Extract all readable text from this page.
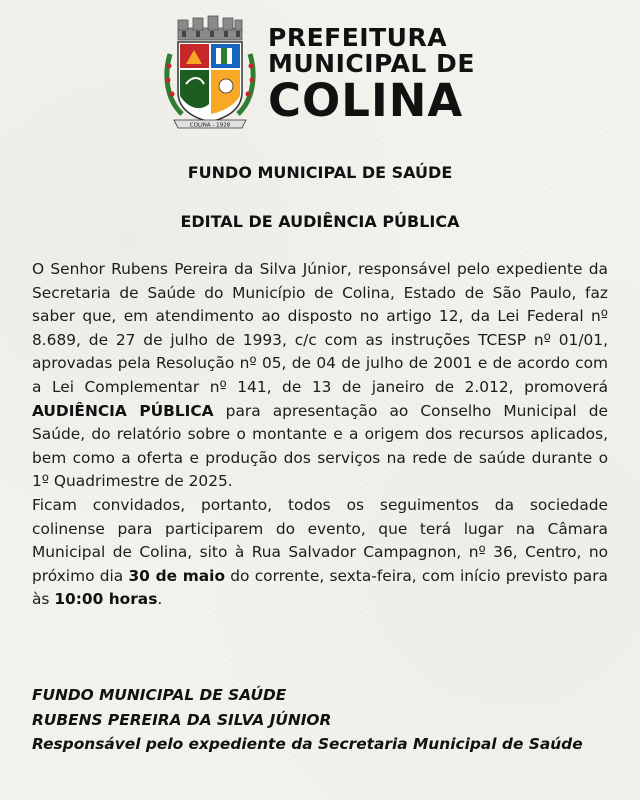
COLINA - 1928
PREFEITURA
MUNICIPAL DE
COLINA
FUNDO MUNICIPAL DE SAÚDE
EDITAL DE AUDIÊNCIA PÚBLICA

O Senhor Rubens Pereira da Silva Júnior, responsável pelo expediente da Secretaria de Saúde do Município de Colina, Estado de São Paulo, faz saber que, em atendimento ao disposto no artigo 12, da Lei Federal nº 8.689, de 27 de julho de 1993, c/c com as instruções TCESP nº 01/01, aprovadas pela Resolução nº 05, de 04 de julho de 2001 e de acordo com a Lei Complementar nº 141, de 13 de janeiro de 2.012, promoverá AUDIÊNCIA PÚBLICA para apresentação ao Conselho Municipal de Saúde, do relatório sobre o montante e a origem dos recursos aplicados, bem como a oferta e produção dos serviços na rede de saúde durante o 1º Quadrimestre de 2025.

Ficam convidados, portanto, todos os seguimentos da sociedade colinense para participarem do evento, que terá lugar na Câmara Municipal de Colina, sito à Rua Salvador Campagnon, nº 36, Centro, no próximo dia 30 de maio do corrente, sexta-feira, com início previsto para às 10:00 horas.

FUNDO MUNICIPAL DE SAÚDE
RUBENS PEREIRA DA SILVA JÚNIOR
Responsável pelo expediente da Secretaria Municipal de Saúde
